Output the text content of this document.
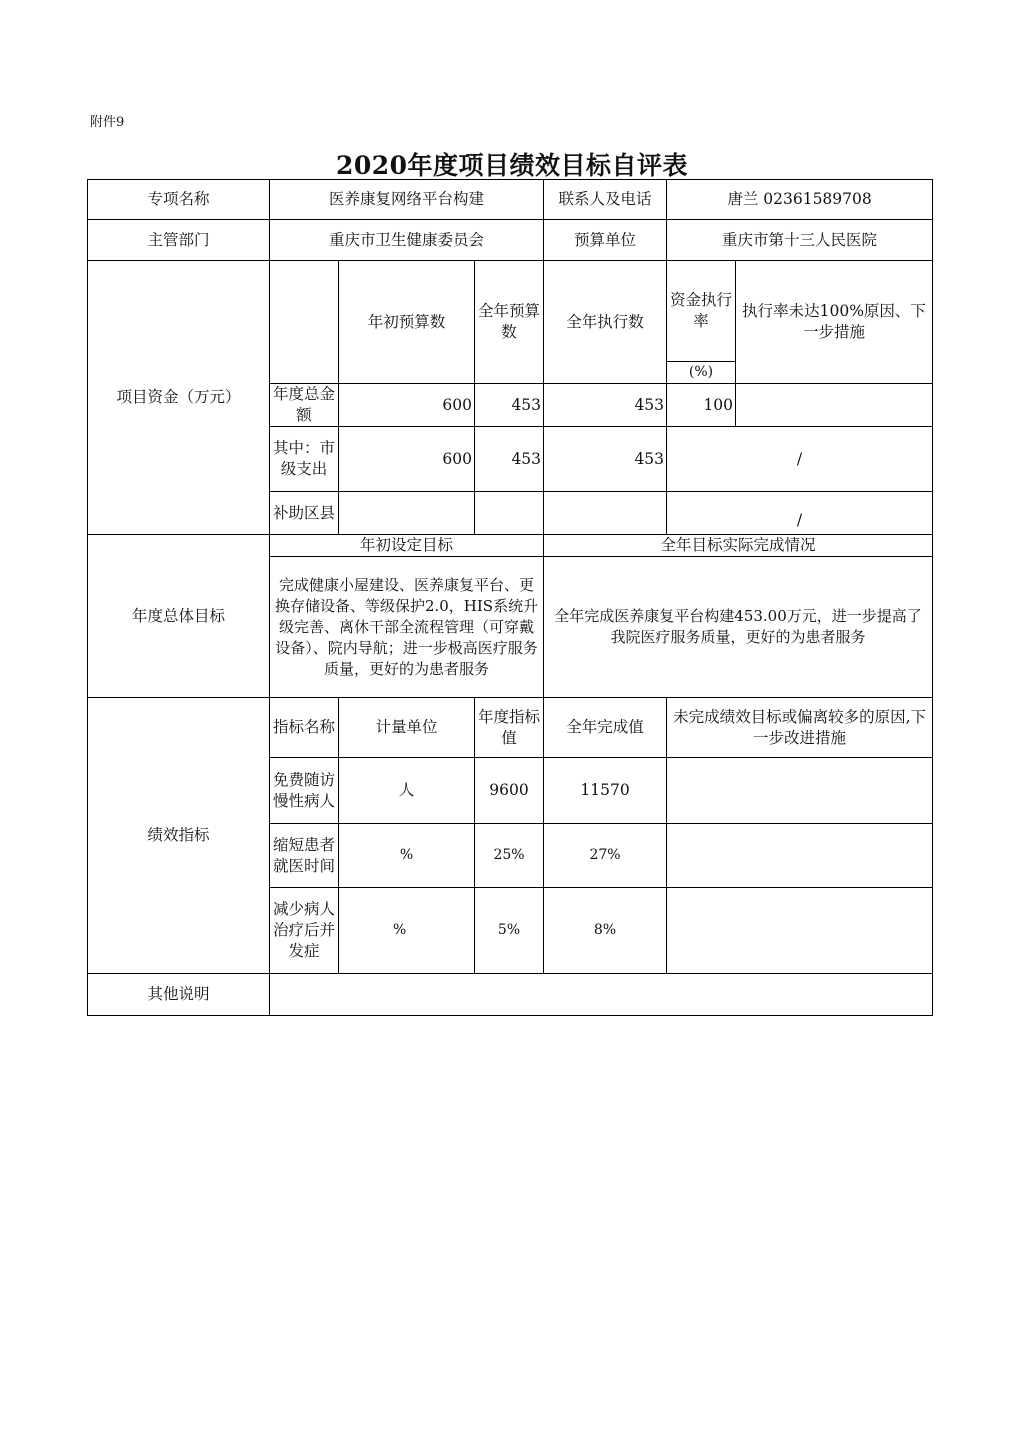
附件9
2020年度项目绩效目标自评表
专项名称	医养康复网络平台构建			联系人及电话	唐兰 02361589708	
主管部门	重庆市卫生健康委员会			预算单位	重庆市第十三人民医院	
项目资金（万元）		年初预算数	全年预算数	全年执行数	资金执行率	执行率未达100%原因、下一步措施
					(%)	
	年度总金额	600	453	453	100	
	其中：市级支出	600	453	453	/	
	补助区县				/	
年度总体目标	年初设定目标			全年目标实际完成情况		
	完成健康小屋建设、医养康复平台、更换存储设备、等级保护2.0，HIS系统升级完善、离休干部全流程管理（可穿戴设备）、院内导航；进一步极高医疗服务质量，更好的为患者服务			全年完成医养康复平台构建453.00万元，进一步提高了我院医疗服务质量，更好的为患者服务		
绩效指标	指标名称	计量单位	年度指标值	全年完成值	未完成绩效目标或偏离较多的原因,下一步改进措施	
	免费随访慢性病人	人	9600	11570		
	缩短患者就医时间	%	25%	27%		
	减少病人治疗后并发症	%	5%	8%		
其他说明						
